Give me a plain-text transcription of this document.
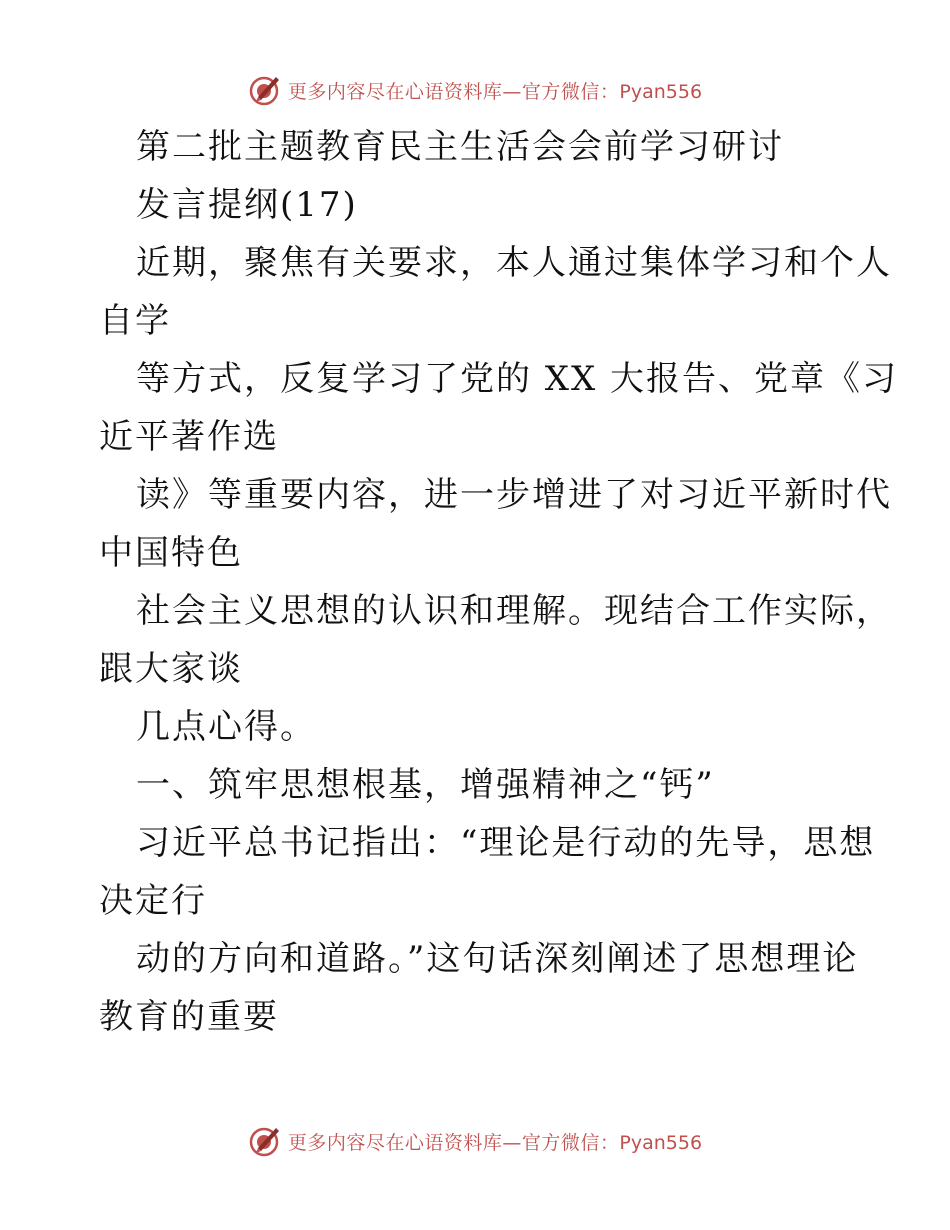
更多内容尽在心语资料库—官方微信：Pyan556
第二批主题教育民主生活会会前学习研讨
发言提纲(17)
近期，聚焦有关要求，本人通过集体学习和个人
自学
等方式，反复学习了党的 XX 大报告、党章《习
近平著作选
读》等重要内容，进一步增进了对习近平新时代
中国特色
社会主义思想的认识和理解。现结合工作实际，
跟大家谈
几点心得。
一、筑牢思想根基，增强精神之“钙”
习近平总书记指出：“理论是行动的先导，思想
决定行
动的方向和道路。”这句话深刻阐述了思想理论
教育的重要
更多内容尽在心语资料库—官方微信：Pyan556
